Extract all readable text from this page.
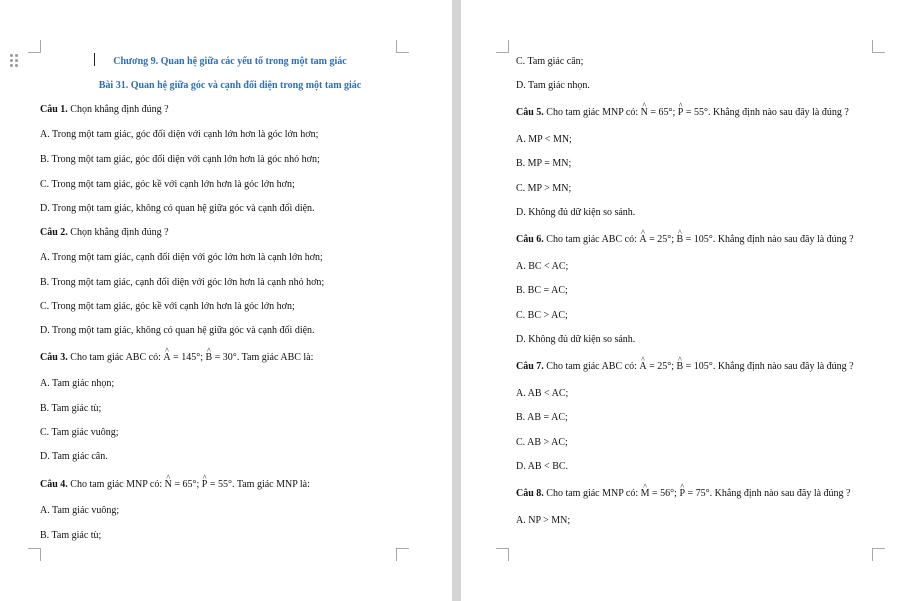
Chương 9. Quan hệ giữa các yếu tố trong một tam giác
Bài 31. Quan hệ giữa góc và cạnh đối diện trong một tam giác
Câu 1. Chọn khẳng định đúng ?
A. Trong một tam giác, góc đối diện với cạnh lớn hơn là góc lớn hơn;
B. Trong một tam giác, góc đối diện với cạnh lớn hơn là góc nhỏ hơn;
C. Trong một tam giác, góc kề với cạnh lớn hơn là góc lớn hơn;
D. Trong một tam giác, không có quan hệ giữa góc và cạnh đối diện.
Câu 2. Chọn khẳng định đúng ?
A. Trong một tam giác, cạnh đối diện với góc lớn hơn là cạnh lớn hơn;
B. Trong một tam giác, cạnh đối diện với góc lớn hơn là cạnh nhỏ hơn;
C. Trong một tam giác, góc kề với cạnh lớn hơn là góc lớn hơn;
D. Trong một tam giác, không có quan hệ giữa góc và cạnh đối diện.
Câu 3. Cho tam giác ABC có: ^ A = 145°; ^ B = 30°. Tam giác ABC là:
A. Tam giác nhọn;
B. Tam giác tù;
C. Tam giác vuông;
D. Tam giác cân.
Câu 4. Cho tam giác MNP có: ^ N = 65°; ^ P = 55°. Tam giác MNP là:
A. Tam giác vuông;
B. Tam giác tù;
C. Tam giác cân;
D. Tam giác nhọn.
Câu 5. Cho tam giác MNP có: ^ N = 65°; ^ P = 55°. Khẳng định nào sau đây là đúng ?
A. MP < MN;
B. MP = MN;
C. MP > MN;
D. Không đủ dữ kiện so sánh.
Câu 6. Cho tam giác ABC có: ^ A = 25°; ^ B = 105°. Khẳng định nào sau đây là đúng ?
A. BC < AC;
B. BC = AC;
C. BC > AC;
D. Không đủ dữ kiện so sánh.
Câu 7. Cho tam giác ABC có: ^ A = 25°; ^ B = 105°. Khẳng định nào sau đây là đúng ?
A. AB < AC;
B. AB = AC;
C. AB > AC;
D. AB < BC.
Câu 8. Cho tam giác MNP có: ^ M = 56°; ^ P = 75°. Khẳng định nào sau đây là đúng ?
A. NP > MN;
